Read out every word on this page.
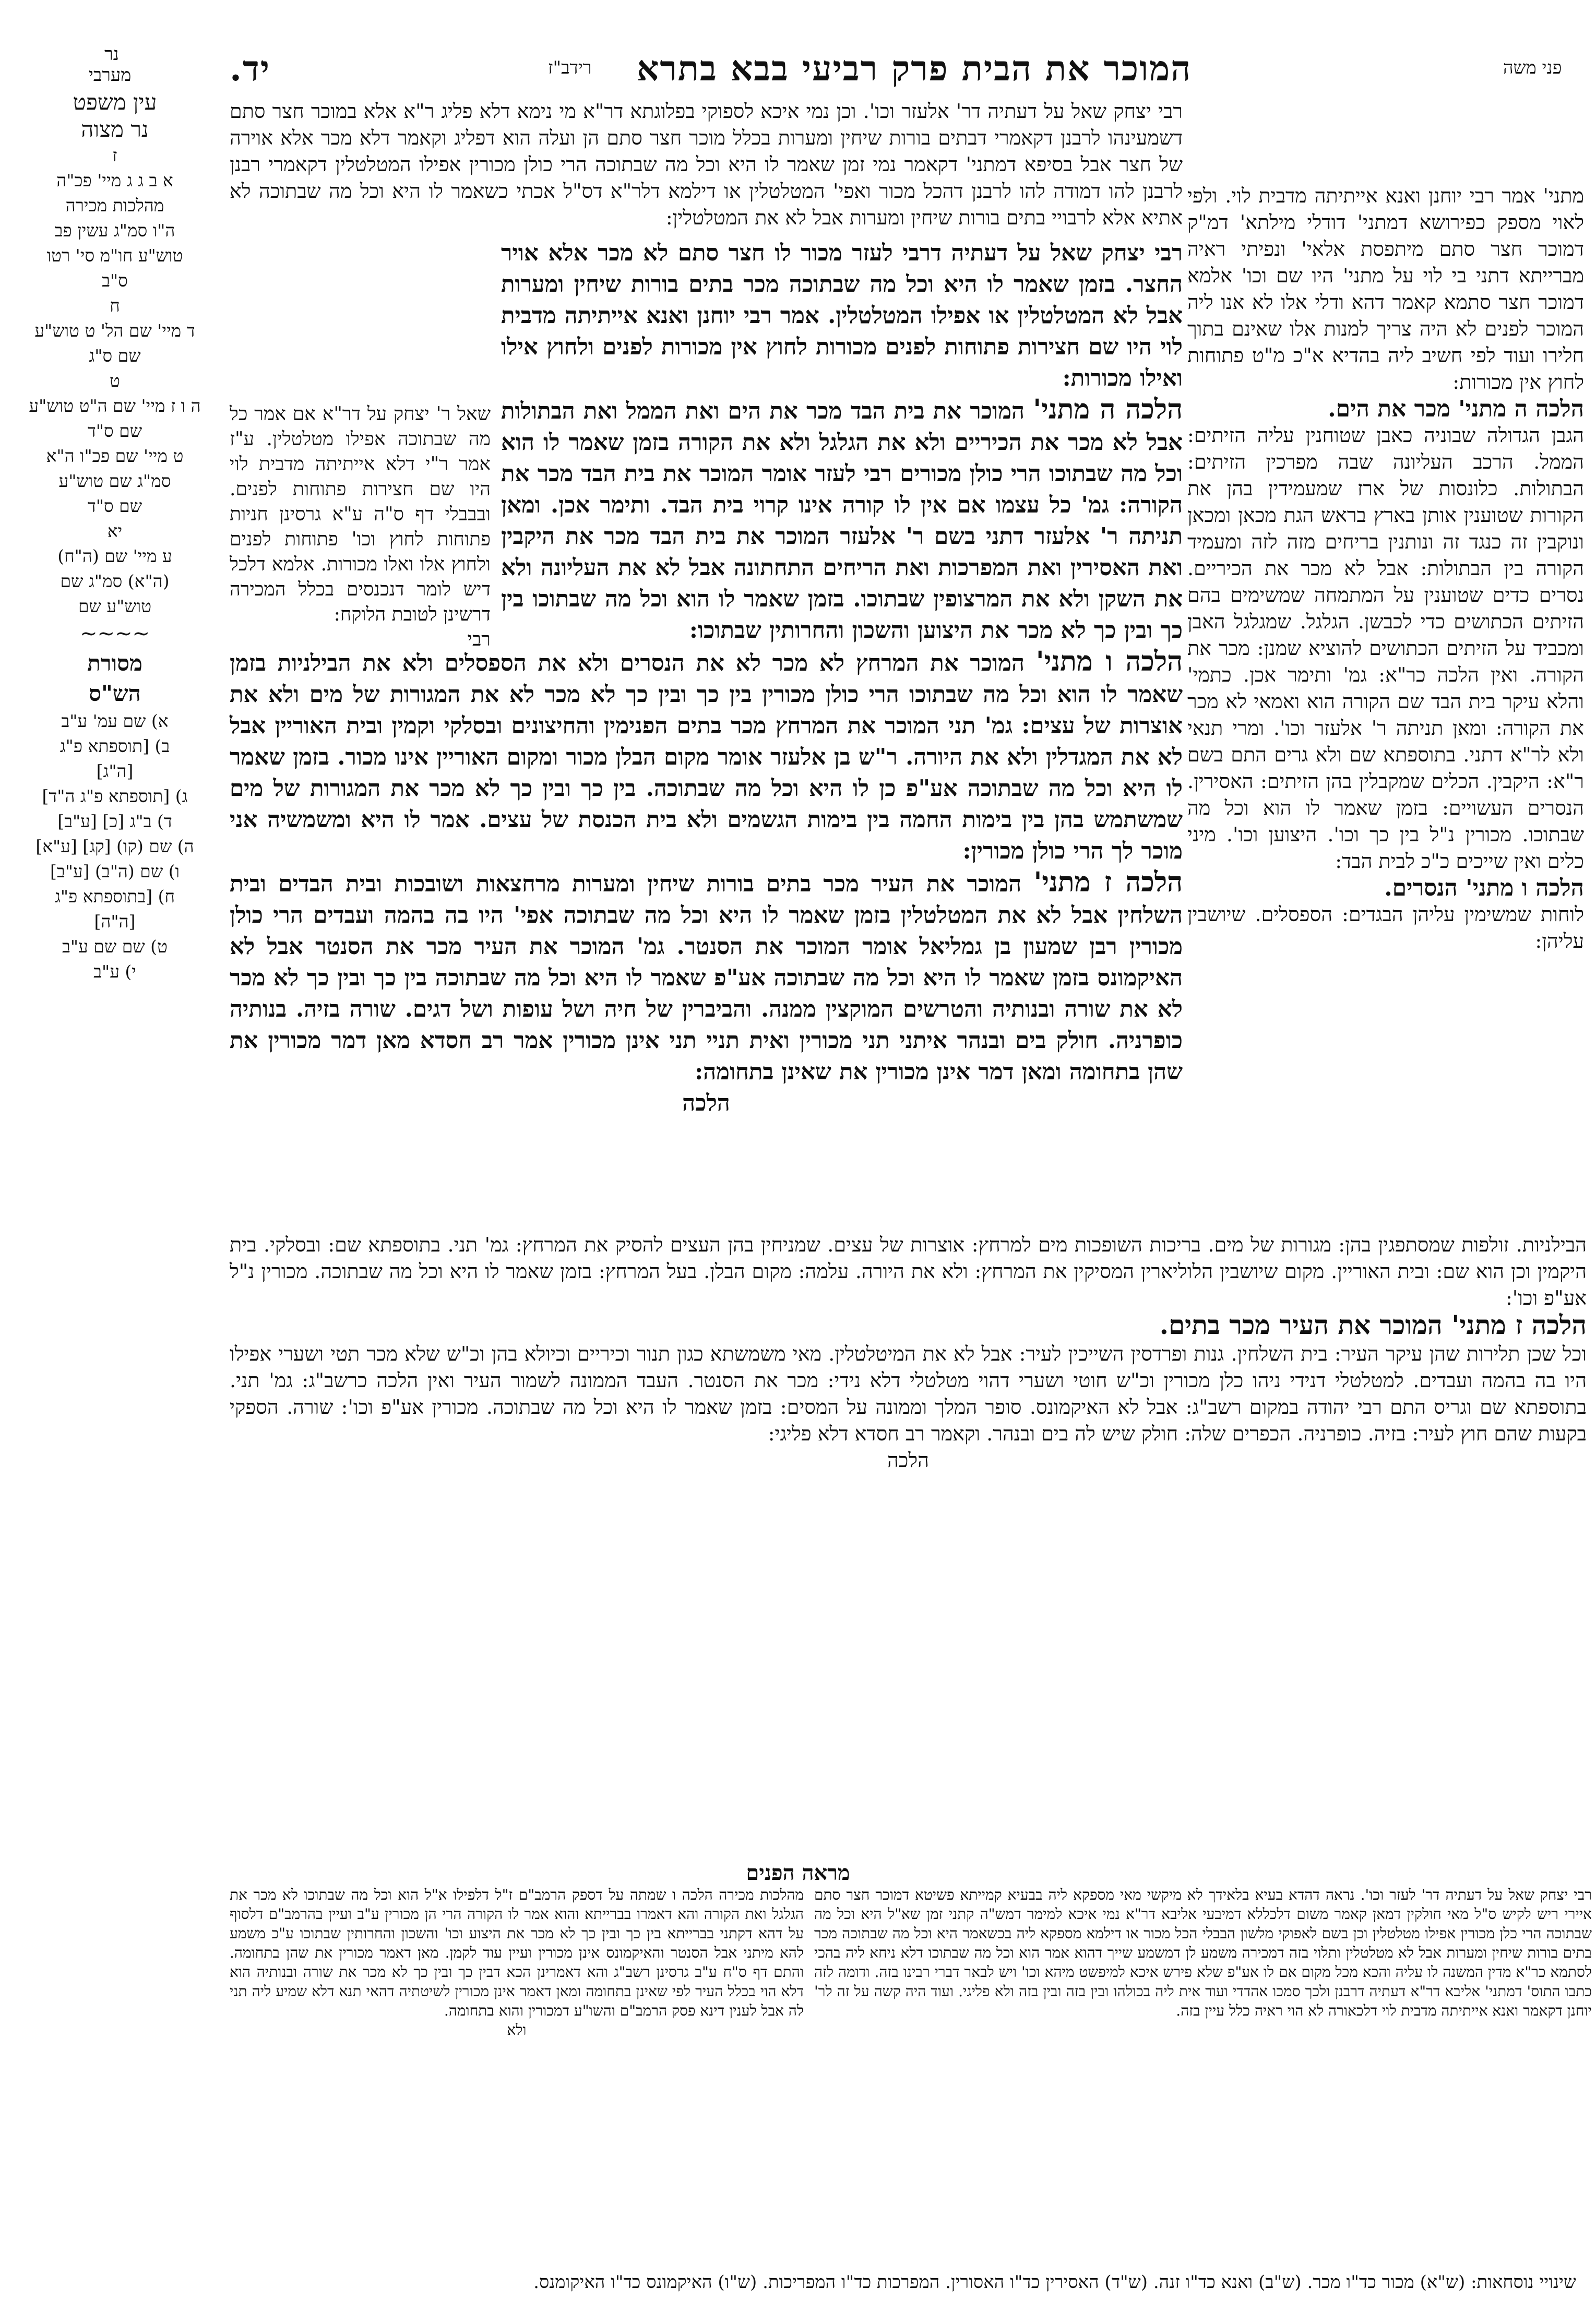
פני משה
המוכר את הבית פרק רביעי בבא בתרא
רידב"ז
יד.
נר
מערבי
עין משפט
נר מצוה
ז
א ב ג ג מיי' פכ"ה
מהלכות מכירה
ה"ו סמ"ג עשין פב
טוש"ע חו"מ סי' רטו
ס"ב
ח
ד מיי' שם הל' ט טוש"ע
שם ס"ג
ט
ה ו ז מיי' שם ה"ט טוש"ע
שם ס"ד
ט מיי' שם פכ"ו ה"א
סמ"ג שם טוש"ע
שם ס"ד
יא
ע מיי' שם (ה"ח)
(ה"א) סמ"ג שם
טוש"ע שם
~~~~
מסורת
הש"ס
א) שם עמ' ע"ב
ב) [תוספתא פ"ג
[ה"ג]
ג) [תוספתא פ"ג ה"ד]
ד) ב"ג [כ] [ע"ב]
ה) שם (קו) [קג] [ע"א]
ו) שם (ה"ב) [ע"ב]
ח) [בתוספתא פ"ג
[ה"ה]
ט) שם שם ע"ב
י) ע"ב

רבי יצחק שאל על דעתיה דר' אלעזר וכו'. וכן נמי איכא לספוקי בפלוגתא דר"א מי נימא דלא פליג ר"א אלא במוכר חצר סתם דשמעינהו לרבנן דקאמרי דבתים בורות שיחין ומערות בכלל מוכר חצר סתם הן ועלה הוא דפליג וקאמר דלא מכר אלא אוירה של חצר אבל בסיפא דמתני' דקאמר נמי זמן שאמר לו היא וכל מה שבתוכה הרי כולן מכורין אפילו המטלטלין דקאמרי רבנן לרבנן להו דמודה להו לרבנן דהכל מכור ואפי' המטלטלין או דילמא דלר"א דס"ל אכתי כשאמר לו היא וכל מה שבתוכה לא אתיא אלא לרבויי בתים בורות שיחין ומערות אבל לא את המטלטלין:

רבי יצחק שאל על דעתיה דרבי לעזר מכור לו חצר סתם לא מכר אלא אויר החצר. בזמן שאמר לו היא וכל מה שבתוכה מכר בתים בורות שיחין ומערות אבל לא המטלטלין או אפילו המטלטלין. אמר רבי יוחנן ואנא אייתיתה מדבית לוי היו שם חצירות פתוחות לפנים מכורות לחוץ אין מכורות לפנים ולחוץ אילו ואילו מכורות:

הלכה ה מתני' המוכר את בית הבד מכר את הים ואת הממל ואת הבתולות אבל לא מכר את הכיריים ולא את הגלגל ולא את הקורה בזמן שאמר לו הוא וכל מה שבתוכו הרי כולן מכורים רבי לעזר אומר המוכר את בית הבד מכר את הקורה: גמ' כל עצמו אם אין לו קורה אינו קרוי בית הבד. ותימר אכן. ומאן תניתה ר' אלעזר דתני בשם ר' אלעזר המוכר את בית הבד מכר את היקבין ואת האסירין ואת המפרכות ואת הריחים התחתונה אבל לא את העליונה ולא את השקן ולא את המרצופין שבתוכו. בזמן שאמר לו הוא וכל מה שבתוכו בין כך ובין כך לא מכר את היצוען והשכון והחרותין שבתוכו:

הלכה ו מתני' המוכר את המרחץ לא מכר לא את הנסרים ולא את הספסלים ולא את הבילניות בזמן שאמר לו הוא וכל מה שבתוכו הרי כולן מכורין בין כך ובין כך לא מכר לא את המגורות של מים ולא את אוצרות של עצים: גמ' תני המוכר את המרחץ מכר בתים הפנימין והחיצונים ובסלקי וקמין ובית האוריין אבל לא את המגדלין ולא את היורה. ר"ש בן אלעזר אומר מקום הבלן מכור ומקום האוריין אינו מכור. בזמן שאמר לו היא וכל מה שבתוכה אע"פ כן לו היא וכל מה שבתוכה. בין כך ובין כך לא מכר את המגורות של מים שמשתמש בהן בין בימות החמה בין בימות הגשמים ולא בית הכנסת של עצים. אמר לו היא ומשמשיה אני מוכר לך הרי כולן מכורין:

הלכה ז מתני' המוכר את העיר מכר בתים בורות שיחין ומערות מרחצאות ושובכות ובית הבדים ובית השלחין אבל לא את המטלטלין בזמן שאמר לו היא וכל מה שבתוכה אפי' היו בה בהמה ועבדים הרי כולן מכורין רבן שמעון בן גמליאל אומר המוכר את הסנטר. גמ' המוכר את העיר מכר את הסנטר אבל לא האיקמונס בזמן שאמר לו היא וכל מה שבתוכה אע"פ שאמר לו היא וכל מה שבתוכה בין כך ובין כך לא מכר לא את שורה ובנותיה והטרשים המוקצין ממנה. והביברין של חיה ושל עופות ושל דגים. שורה בזיה. בנותיה כופרניה. חולק בים ובנהר איתני תני מכורין ואית תניי תני אינן מכורין אמר רב חסדא מאן דמר מכורין את שהן בתחומה ומאן דמר אינן מכורין את שאינן בתחומה:

הלכה

שאל ר' יצחק על דר"א אם אמר כל מה שבתוכה אפילו מטלטלין. ע"ז אמר ר"י דלא אייתיתה מדבית לוי היו שם חצירות פתוחות לפנים. ובבבלי דף ס"ה ע"א גרסינן חניות פתוחות לחוץ וכו' פתוחות לפנים ולחוץ אלו ואלו מכורות. אלמא דלכל דיש לומר דנכנסים בכלל המכירה דרשינן לטובת הלוקח:

רבי

מתני' אמר רבי יוחנן ואנא אייתיתה מדבית לוי. ולפי לאוי מספק כפירושא דמתני' דודלי מילתא' דמ"ק דמוכר חצר סתם מיתפסת אלאי' ונפיתי ראיה מברייתא דתני בי לוי על מתני' היו שם וכו' אלמא דמוכר חצר סתמא קאמר דהא ודלי אלו לא אנו ליה המוכר לפנים לא היה צריך למנות אלו שאינם בתוך חלירו ועוד לפי חשיב ליה בהדיא א"כ מ"ט פתוחות לחוץ אין מכורות:

הלכה ה מתני' מכר את הים.

הגבן הגדולה שבוניה כאבן שטוחנין עליה הזיתים: הממל. הרכב העליונה שבה מפרכין הזיתים: הבתולות. כלונסות של ארז שמעמידין בהן את הקורות שטוענין אותן בארץ בראש הגת מכאן ומכאן ונוקבין זה כנגד זה ונותנין בריחים מזה לזה ומעמיד הקורה בין הבתולות: אבל לא מכר את הכיריים. נסרים כדים שטוענין על המתמחה שמשימים בהם הזיתים הכתושים כדי לכבשן. הגלגל. שמגלגל האבן ומכביד על הזיתים הכתושים להוציא שמנן: מכר את הקורה. ואין הלכה כר"א: גמ' ותימר אכן. כתמי' והלא עיקר בית הבד שם הקורה הוא ואמאי לא מכר את הקורה: ומאן תניתה ר' אלעזר וכו'. ומרי תנאי ולא לר"א דתני. בתוספתא שם ולא גרים התם בשם ר"א: היקבין. הכלים שמקבלין בהן הזיתים: האסירין. הנסרים העשויים: בזמן שאמר לו הוא וכל מה שבתוכו. מכורין נ"ל בין כך וכו'. היצוען וכו'. מיני כלים ואין שייכים כ"כ לבית הבד:

הלכה ו מתני' הנסרים.

לוחות שמשימין עליהן הבגדים: הספסלים. שיושבין עליהן:

הבילניות. זולפות שמסתפגין בהן: מגורות של מים. בריכות השופכות מים למרחץ: אוצרות של עצים. שמניחין בהן העצים להסיק את המרחץ: גמ' תני. בתוספתא שם: ובסלקי. בית היקמין וכן הוא שם: ובית האוריין. מקום שיושבין הלוליארין המסיקין את המרחץ: ולא את היורה. עלמה: מקום הבלן. בעל המרחץ: בזמן שאמר לו היא וכל מה שבתוכה. מכורין נ"ל אע"פ וכו':

הלכה ז מתני' המוכר את העיר מכר בתים.

וכל שכן תלירות שהן עיקר העיר: בית השלחין. גנות ופרדסין השייכין לעיר: אבל לא את המיטלטלין. מאי משמשתא כגון תנור וכיריים וכיולא בהן וכ"ש שלא מכר תטי ושערי אפילו היו בה בהמה ועבדים. למטלטלי דנידי ניהו כלן מכורין וכ"ש חוטי ושערי דהוי מטלטלי דלא נידי: מכר את הסנטר. העבד הממונה לשמור העיר ואין הלכה כרשב"ג: גמ' תני. בתוספתא שם וגריס התם רבי יהודה במקום רשב"ג: אבל לא האיקמונס. סופר המלך וממונה על המסים: בזמן שאמר לו היא וכל מה שבתוכה. מכורין אע"פ וכו': שורה. הספקי בקעות שהם חוץ לעיר: בזיה. כופרניה. הכפרים שלה: חולק שיש לה בים ובנהר. וקאמר רב חסדא דלא פליגי:

הלכה

מראה הפנים

רבי יצחק שאל על דעתיה דר' לעזר וכו'. נראה דהדא בעיא בלאידך לא מיקשי מאי מספקא ליה בבעיא קמייתא פשיטא דמוכר חצר סתם איירי ריש לקיש ס"ל מאי חולקין דמאן קאמר משום דלכללא דמיבעי אליבא דר"א נמי איכא למימר דמש"ה קתני זמן שא"ל היא וכל מה שבתוכה הרי כלן מכורין אפילו מטלטלין וכן בשם לאפוקי מלשון הבבלי הכל מכור או דילמא מספקא ליה בכשאמר היא וכל מה שבתוכה מכר בתים בורות שיחין ומערות אבל לא מטלטלין ותלוי בזה דמכירה משמע לן דמשמע שייך דהוא אמר הוא וכל מה שבתוכו דלא ניחא ליה בהכי לסתמא כר"א מדין המשנה לו עליה והכא מכל מקום אם לו אע"פ שלא פירש איכא למיפשט מיהא וכו' ויש לבאר דברי רבינו בזה. ודומה לזה כתבו התוס' דמתני' אליבא דר"א דעתיה דרבנן ולכך סמכו אהדדי ועוד אית ליה בכולהו ובין בזה ובין בזה ולא פליגי. ועוד היה קשה על זה לר' יוחנן דקאמר ואנא אייתיתה מדבית לוי דלכאורה לא הוי ראיה כלל עיין בזה.

מהלכות מכירה הלכה ו שמתה על דספק הרמב"ם ז"ל דלפילו א"ל הוא וכל מה שבתוכו לא מכר את הגלגל ואת הקורה והא דאמרו בברייתא והוא אמר לו הקורה הרי הן מכורין ע"ב ועיין בהרמב"ם דלסוף על דהא דקתני בברייתא בין כך ובין כך לא מכר את היצוע וכו' והשכון והחרותין שבתוכו ע"כ משמע להא מיתני אבל הסנטר והאיקמונס אינן מכורין ועיין עוד לקמן. מאן דאמר מכורין את שהן בתחומה. והתם דף ס"ח ע"ב גרסינן רשב"ג והא דאמרינן הכא דבין כך ובין כך לא מכר את שורה ובנותיה הוא דלא הוי בכלל העיר לפי שאינן בתחומה ומאן דאמר אינן מכורין לשיטתיה דהאי תנא דלא שמיע ליה תני לה אבל לענין דינא פסק הרמב"ם והשו"ע דמכורין והוא בתחומה.

ולא

שינויי נוסחאות: (ש"א) מכור כד"ו מכר. (ש"ב) ואנא כד"ו זנה. (ש"ד) האסירין כד"ו האסורין. המפרכות כד"ו המפריכות. (ש"ו) האיקמונס כד"ו האיקומנס.
